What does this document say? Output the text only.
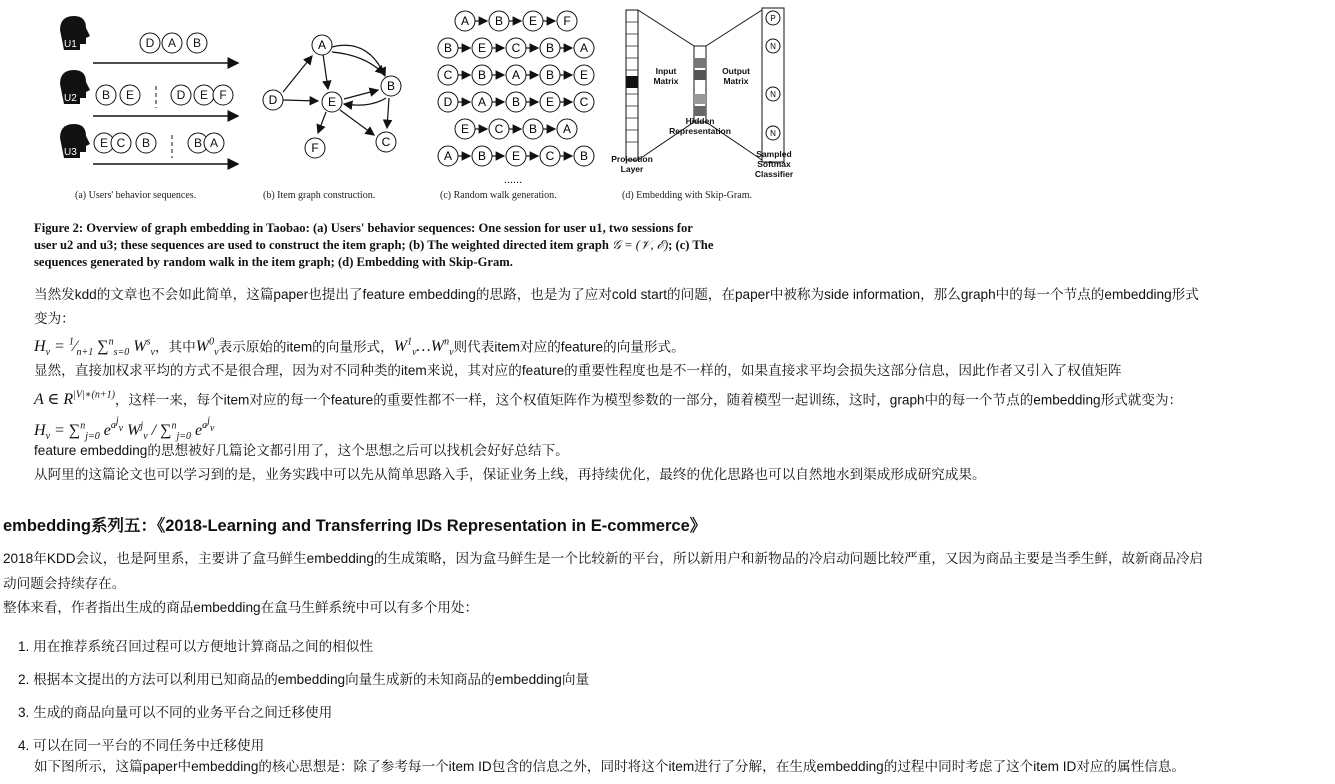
U1
U2
U3
D A B
B E	D E F
E C B	B A
A
B
D	E
F	C
A B E F
B E C B A
C B A B E
D A B E C
E C B A
A B E C B
......
P
N
N
N
Input
Matrix
Output
Matrix
Hidden
Representation
Projection
Layer
Sampled
Softmax
Classifier
(a) Users' behavior sequences.	(b) Item graph construction.	(c) Random walk generation.	(d) Embedding with Skip-Gram.
Figure 2: Overview of graph embedding in Taobao: (a) Users' behavior sequences: One session for user u1, two sessions for
user u2 and u3; these sequences are used to construct the item graph; (b) The weighted directed item graph 𝒢 = (𝒱, ℰ); (c) The
sequences generated by random walk in the item graph; (d) Embedding with Skip-Gram.
当然发kdd的文章也不会如此简单，这篇paper也提出了feature embedding的思路，也是为了应对cold start的问题，在paper中被称为side information，那么graph中的每一个节点的embedding形式
变为：
$H_v$ = $^1⁄_{n+1}$ ∑$^n_{s=0}$ $W^s_v$，其中$W^0_v$表示原始的item的向量形式，$W^1_v\dots W^n_v$则代表item对应的feature的向量形式。
显然，直接加权求平均的方式不是很合理，因为对不同种类的item来说，其对应的feature的重要性程度也是不一样的，如果直接求平均会损失这部分信息，因此作者又引入了权值矩阵
A ∈ $R^{|V|∗(n+1)}$，这样一来，每个item对应的每一个feature的重要性都不一样，这个权值矩阵作为模型参数的一部分，随着模型一起训练，这时，graph中的每一个节点的embedding形式就变为：
$H_v = \sum^n_{j=0}$ $e^{a^j_v}$ $W^j_v / \sum^n_{j=0}$ $e^{a^j_v}$
feature embedding的思想被好几篇论文都引用了，这个思想之后可以找机会好好总结下。
从阿里的这篇论文也可以学习到的是，业务实践中可以先从简单思路入手，保证业务上线，再持续优化，最终的优化思路也可以自然地水到渠成形成研究成果。
embedding系列五：《2018-Learning and Transferring IDs Representation in E-commerce》
2018年KDD会议，也是阿里系，主要讲了盒马鲜生embedding的生成策略，因为盒马鲜生是一个比较新的平台，所以新用户和新物品的冷启动问题比较严重，又因为商品主要是当季生鲜，故新商品冷启
动问题会持续存在。
整体来看，作者指出生成的商品embedding在盒马生鲜系统中可以有多个用处：
1. 用在推荐系统召回过程可以方便地计算商品之间的相似性
2. 根据本文提出的方法可以利用已知商品的embedding向量生成新的未知商品的embedding向量
3. 生成的商品向量可以不同的业务平台之间迁移使用
4. 可以在同一平台的不同任务中迁移使用
如下图所示，这篇paper中embedding的核心思想是：除了参考每一个item ID包含的信息之外，同时将这个item进行了分解，在生成embedding的过程中同时考虑了这个item ID对应的属性信息。
